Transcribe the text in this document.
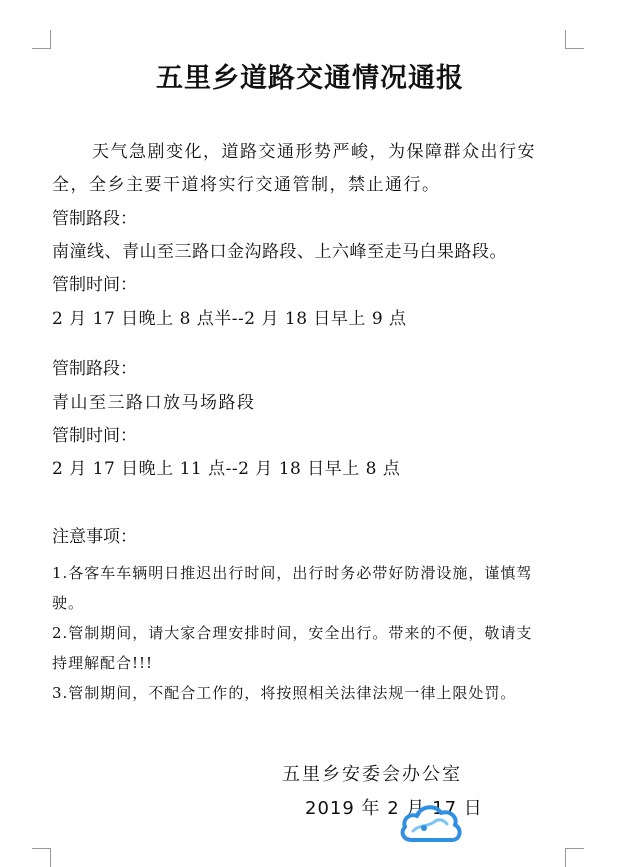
五里乡道路交通情况通报
天气急剧变化，道路交通形势严峻，为保障群众出行安
全，全乡主要干道将实行交通管制，禁止通行。
管制路段：
南潼线、青山至三路口金沟路段、上六峰至走马白果路段。
管制时间：
2 月 17 日晚上 8 点半--2 月 18 日早上 9 点
管制路段：
青山至三路口放马场路段
管制时间：
2 月 17 日晚上 11 点--2 月 18 日早上 8 点
注意事项：
1.各客车车辆明日推迟出行时间，出行时务必带好防滑设施，谨慎驾
驶。
2.管制期间，请大家合理安排时间，安全出行。带来的不便，敬请支
持理解配合!!!
3.管制期间，不配合工作的，将按照相关法律法规一律上限处罚。
五里乡安委会办公室
2019 年 2 月 17 日
